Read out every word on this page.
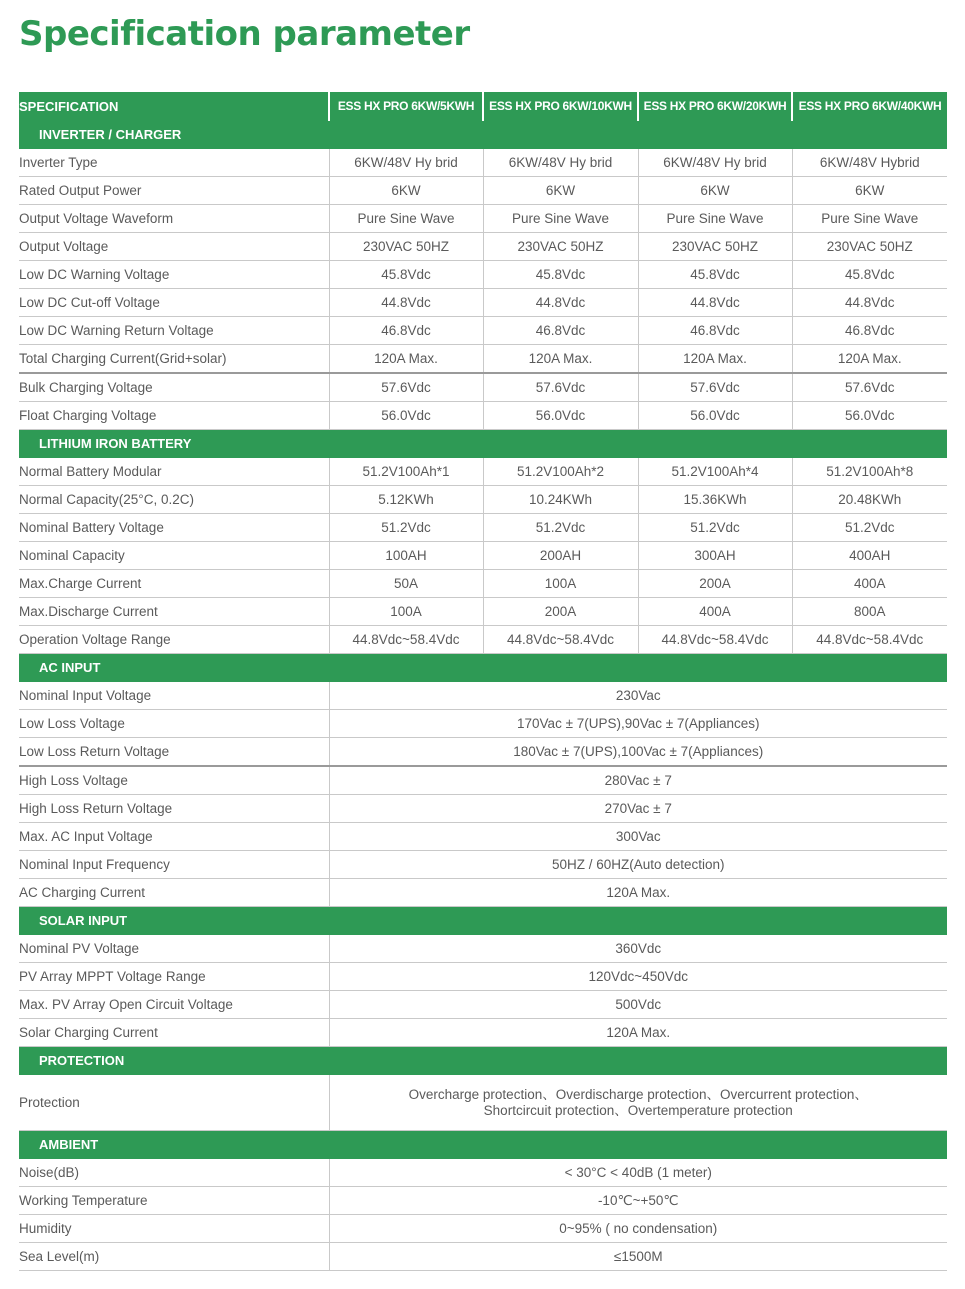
Specification parameter
SPECIFICATION	ESS HX PRO 6KW/5KWH	ESS HX PRO 6KW/10KWH	ESS HX PRO 6KW/20KWH	ESS HX PRO 6KW/40KWH
INVERTER / CHARGER				
Inverter Type	6KW/48V Hy brid	6KW/48V Hy brid	6KW/48V Hy brid	6KW/48V Hybrid
Rated Output Power	6KW	6KW	6KW	6KW
Output Voltage Waveform	Pure Sine Wave	Pure Sine Wave	Pure Sine Wave	Pure Sine Wave
Output Voltage	230VAC 50HZ	230VAC 50HZ	230VAC 50HZ	230VAC 50HZ
Low DC Warning Voltage	45.8Vdc	45.8Vdc	45.8Vdc	45.8Vdc
Low DC Cut-off Voltage	44.8Vdc	44.8Vdc	44.8Vdc	44.8Vdc
Low DC Warning Return Voltage	46.8Vdc	46.8Vdc	46.8Vdc	46.8Vdc
Total Charging Current(Grid+solar)	120A Max.	120A Max.	120A Max.	120A Max.
Bulk Charging Voltage	57.6Vdc	57.6Vdc	57.6Vdc	57.6Vdc
Float Charging Voltage	56.0Vdc	56.0Vdc	56.0Vdc	56.0Vdc
LITHIUM IRON BATTERY				
Normal Battery Modular	51.2V100Ah*1	51.2V100Ah*2	51.2V100Ah*4	51.2V100Ah*8
Normal Capacity(25°C, 0.2C)	5.12KWh	10.24KWh	15.36KWh	20.48KWh
Nominal Battery Voltage	51.2Vdc	51.2Vdc	51.2Vdc	51.2Vdc
Nominal Capacity	100AH	200AH	300AH	400AH
Max.Charge Current	50A	100A	200A	400A
Max.Discharge Current	100A	200A	400A	800A
Operation Voltage Range	44.8Vdc~58.4Vdc	44.8Vdc~58.4Vdc	44.8Vdc~58.4Vdc	44.8Vdc~58.4Vdc
AC INPUT				
Nominal Input Voltage	230Vac			
Low Loss Voltage	170Vac ± 7(UPS),90Vac ± 7(Appliances)			
Low Loss Return Voltage	180Vac ± 7(UPS),100Vac ± 7(Appliances)			
High Loss Voltage	280Vac ± 7			
High Loss Return Voltage	270Vac ± 7			
Max. AC Input Voltage	300Vac			
Nominal Input Frequency	50HZ / 60HZ(Auto detection)			
AC Charging Current	120A Max.			
SOLAR INPUT				
Nominal PV Voltage	360Vdc			
PV Array MPPT Voltage Range	120Vdc~450Vdc			
Max. PV Array Open Circuit Voltage	500Vdc			
Solar Charging Current	120A Max.			
PROTECTION				
Protection	Overcharge protection、Overdischarge protection、Overcurrent protection、
Shortcircuit protection、Overtemperature protection			

AMBIENT				
Noise(dB)	< 30°C < 40dB (1 meter)			
Working Temperature	-10℃~+50℃			
Humidity	0~95% ( no condensation)			
Sea Level(m)	≤1500M			
